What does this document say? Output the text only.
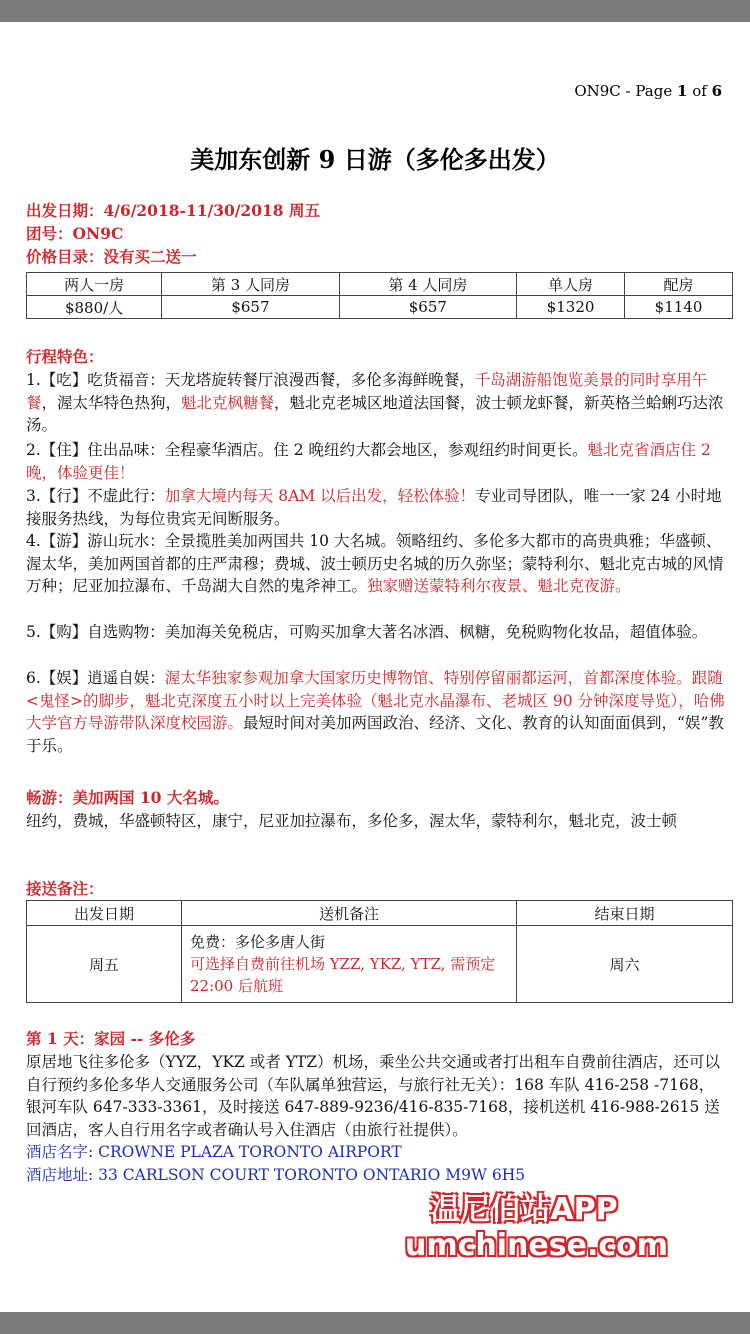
ON9C - Page 1 of 6
美加东创新 9 日游（多伦多出发）
出发日期：4/6/2018-11/30/2018 周五
团号：ON9C
价格目录：没有买二送一
两人一房	第 3 人同房	第 4 人同房	单人房	配房
$880/人	$657	$657	$1320	$1140
行程特色：
1.【吃】吃货福音：天龙塔旋转餐厅浪漫西餐，多伦多海鲜晚餐，千岛湖游船饱览美景的同时享用午餐，渥太华特色热狗，魁北克枫糖餐，魁北克老城区地道法国餐，波士顿龙虾餐，新英格兰蛤蜊巧达浓汤。
2.【住】住出品味：全程豪华酒店。住 2 晚纽约大都会地区，参观纽约时间更长。魁北克省酒店住 2 晚，体验更佳！
3.【行】不虚此行：加拿大境内每天 8AM 以后出发，轻松体验！专业司导团队，唯一一家 24 小时地接服务热线，为每位贵宾无间断服务。
4.【游】游山玩水：全景揽胜美加两国共 10 大名城。领略纽约、多伦多大都市的高贵典雅；华盛顿、渥太华，美加两国首都的庄严肃穆；费城、波士顿历史名城的历久弥坚；蒙特利尔、魁北克古城的风情万种；尼亚加拉瀑布、千岛湖大自然的鬼斧神工。独家赠送蒙特利尔夜景、魁北克夜游。
5.【购】自选购物：美加海关免税店，可购买加拿大著名冰酒、枫糖，免税购物化妆品，超值体验。
6.【娱】逍遥自娱：渥太华独家参观加拿大国家历史博物馆、特别停留丽都运河，首都深度体验。跟随<鬼怪>的脚步，魁北克深度五小时以上完美体验（魁北克水晶瀑布、老城区 90 分钟深度导览），哈佛大学官方导游带队深度校园游。最短时间对美加两国政治、经济、文化、教育的认知面面俱到，“娱”教于乐。
畅游：美加两国 10 大名城。
纽约，费城，华盛顿特区，康宁，尼亚加拉瀑布，多伦多，渥太华，蒙特利尔，魁北克，波士顿
接送备注：
出发日期	送机备注	结束日期
周五	免费：多伦多唐人街
可选择自费前往机场 YZZ, YKZ, YTZ, 需预定 22:00 后航班	周六
第 1 天：家园 -- 多伦多
原居地飞往多伦多（YYZ，YKZ 或者 YTZ）机场，乘坐公共交通或者打出租车自费前往酒店，还可以自行预约多伦多华人交通服务公司（车队属单独营运，与旅行社无关）：168 车队 416-258 -7168，银河车队 647-333-3361，及时接送 647-889-9236/416-835-7168，接机送机 416-988-2615 送回酒店，客人自行用名字或者确认号入住酒店（由旅行社提供）。
酒店名字: CROWNE PLAZA TORONTO AIRPORT
酒店地址: 33 CARLSON COURT TORONTO ONTARIO M9W 6H5
温尼伯站APP
umchinese.com
